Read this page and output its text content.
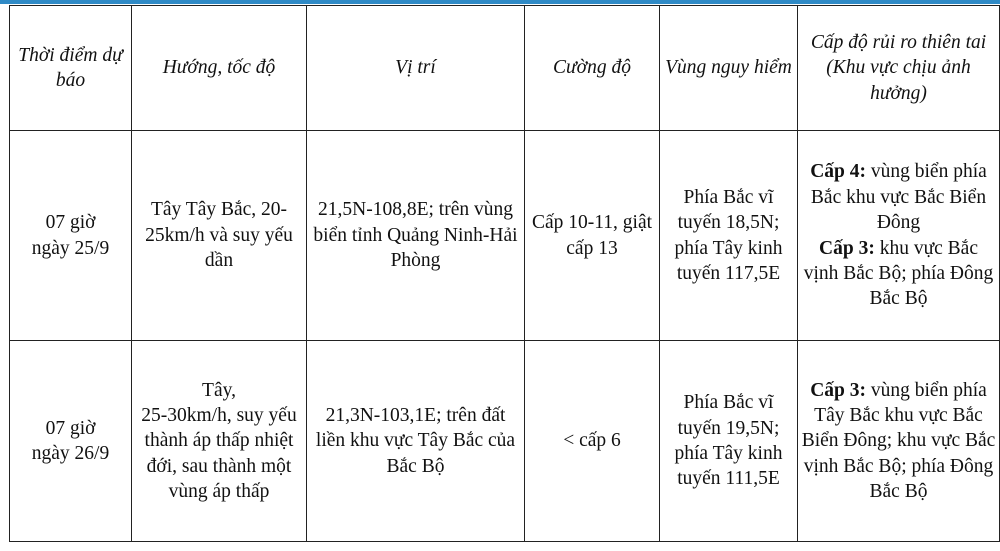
Thời điểm dự báo	Hướng, tốc độ	Vị trí	Cường độ	Vùng nguy hiểm	Cấp độ rủi ro thiên tai (Khu vực chịu ảnh hưởng)

07 giờ
ngày 25/9	Tây Tây Bắc, 20-25km/h và suy yếu dần	21,5N-108,8E; trên vùng biển tỉnh Quảng Ninh-Hải Phòng	Cấp 10-11, giật cấp 13	Phía Bắc vĩ tuyến 18,5N; phía Tây kinh tuyến 117,5E	Cấp 4: vùng biển phía Bắc khu vực Bắc Biển Đông
Cấp 3: khu vực Bắc vịnh Bắc Bộ; phía Đông Bắc Bộ

07 giờ
ngày 26/9	Tây,
25-30km/h, suy yếu thành áp thấp nhiệt đới, sau thành một vùng áp thấp	21,3N-103,1E; trên đất liền khu vực Tây Bắc của Bắc Bộ	< cấp 6	Phía Bắc vĩ tuyến 19,5N; phía Tây kinh tuyến 111,5E	Cấp 3: vùng biển phía Tây Bắc khu vực Bắc Biển Đông; khu vực Bắc vịnh Bắc Bộ; phía Đông Bắc Bộ
